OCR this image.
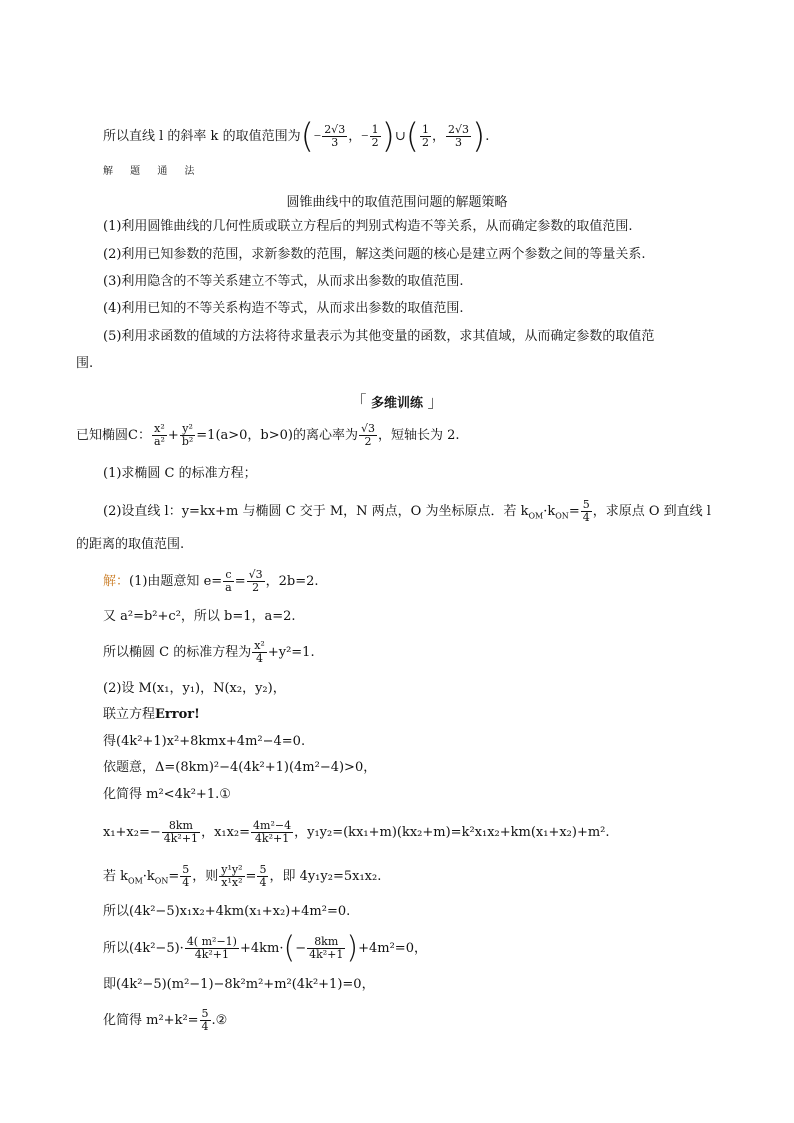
所以直线 l 的斜率 k 的取值范围为(− $\frac{2√3}{3}$ ，− $\frac{1}{2}$ )∪( $\frac{1}{2}$ ， $\frac{2√3}{3}$ ).
解 题 通 法
圆锥曲线中的取值范围问题的解题策略
(1)利用圆锥曲线的几何性质或联立方程后的判别式构造不等关系，从而确定参数的取值范围.
(2)利用已知参数的范围，求新参数的范围，解这类问题的核心是建立两个参数之间的等量关系.
(3)利用隐含的不等关系建立不等式，从而求出参数的取值范围.
(4)利用已知的不等关系构造不等式，从而求出参数的取值范围.
(5)利用求函数的值域的方法将待求量表示为其他变量的函数，求其值域，从而确定参数的取值范
围.
「 多维训练 」
已知椭圆C： $\frac{\text{x²}}{\text{a²}} + \frac{\text{y²}}{\text{b²}} =1(a>0$，b>0)的离心率为 $\frac{√3}{2}$ ，短轴长为 2.
(1)求椭圆 C 的标准方程；
(2)设直线 l：y=kx+m 与椭圆 C 交于 M，N 两点，O 为坐标原点．若 $k_{OM}\cdot k_{ON}= \frac{5}{4}$ ，求原点 O 到直线 l
的距离的取值范围.
解：(1)由题意知 $e= \frac{c}{a} = \frac{√3}{2}$ ，2b=2.
又 a²=b²+c²，所以 b=1，a=2.
所以椭圆 C 的标准方程为 $\frac{\text{x²}}{4} +y^2=1$.
(2)设 M(x₁，y₁)，N(x₂，y₂)，
联立方程Error!
得(4k²+1)x²+8kmx+4m²−4=0.
依题意，Δ=(8km)²−4(4k²+1)(4m²−4)>0，
化简得 m²<4k²+1.①
$x_1+x_2=- \frac{8km}{\text{4k²+1}}$ ，$x_1x_2= \frac{\text{4m²−4}}{\text{4k²+1}}$ ，y₁y₂=(kx₁+m)(kx₂+m)=k²x₁x₂+km(x₁+x₂)+m².
若 $k_{OM}\cdot k_{ON}= \frac{5}{4}$ ，则 $\frac{\text{y¹y²}}{\text{x¹x²}} = \frac{5}{4}$ ，即 4y₁y₂=5x₁x₂.
所以(4k²−5)x₁x₂+4km(x₁+x₂)+4m²=0.
所以$(4k^2-5)\cdot \frac{\text{4( m²−1)}}{\text{4k²+1}} +4km\cdot(- \frac{8km}{\text{4k²+1}} )+4m^2=0$，
即(4k²−5)(m²−1)−8k²m²+m²(4k²+1)=0，
化简得 $m^2+k^2= \frac{5}{4}$ .②
